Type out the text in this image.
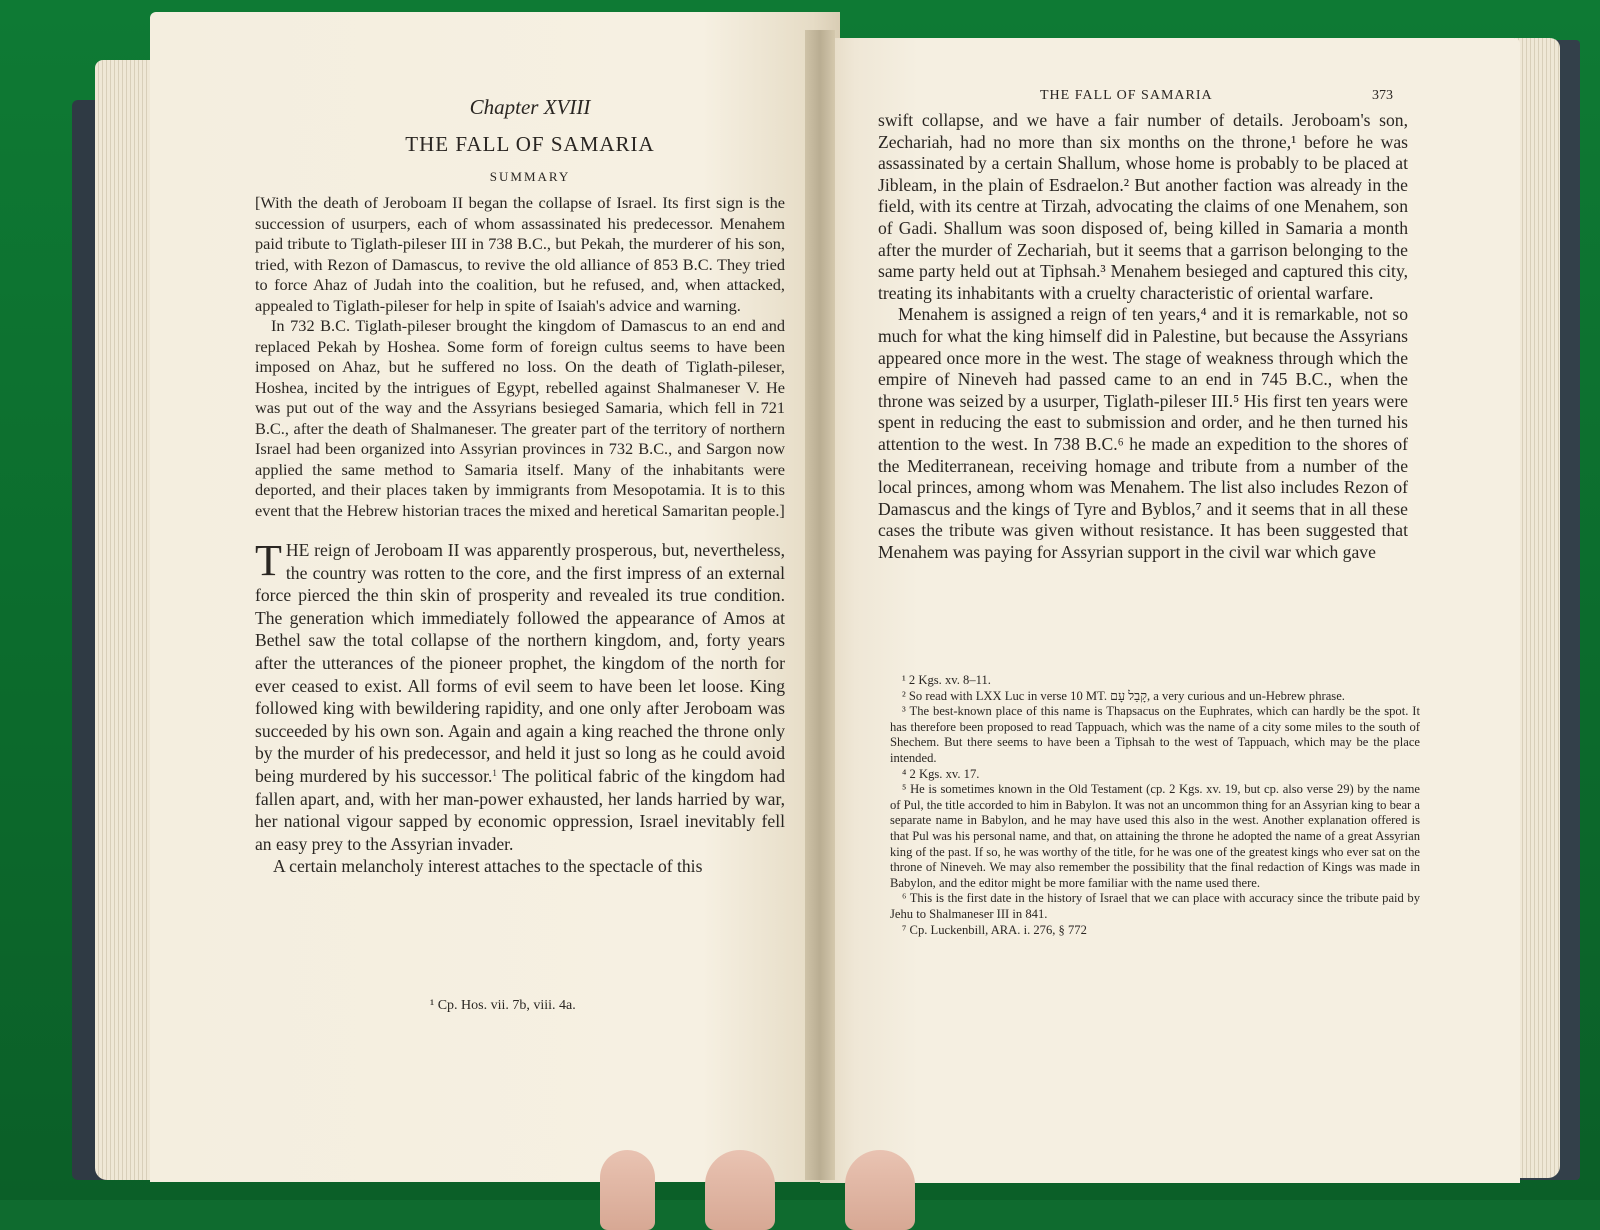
Chapter XVIII
THE FALL OF SAMARIA
SUMMARY

[With the death of Jeroboam II began the collapse of Israel. Its first sign is the succession of usurpers, each of whom assassinated his predecessor. Menahem paid tribute to Tiglath-pileser III in 738 B.C., but Pekah, the murderer of his son, tried, with Rezon of Damascus, to revive the old alliance of 853 B.C. They tried to force Ahaz of Judah into the coalition, but he refused, and, when attacked, appealed to Tiglath-pileser for help in spite of Isaiah's advice and warning.

In 732 B.C. Tiglath-pileser brought the kingdom of Damascus to an end and replaced Pekah by Hoshea. Some form of foreign cultus seems to have been imposed on Ahaz, but he suffered no loss. On the death of Tiglath-pileser, Hoshea, incited by the intrigues of Egypt, rebelled against Shalmaneser V. He was put out of the way and the Assyrians besieged Samaria, which fell in 721 B.C., after the death of Shalmaneser. The greater part of the territory of northern Israel had been organized into Assyrian provinces in 732 B.C., and Sargon now applied the same method to Samaria itself. Many of the inhabitants were deported, and their places taken by immigrants from Mesopotamia. It is to this event that the Hebrew historian traces the mixed and heretical Samaritan people.]

THE reign of Jeroboam II was apparently prosperous, but, nevertheless, the country was rotten to the core, and the first impress of an external force pierced the thin skin of prosperity and revealed its true condition. The generation which immediately followed the appearance of Amos at Bethel saw the total collapse of the northern kingdom, and, forty years after the utterances of the pioneer prophet, the kingdom of the north for ever ceased to exist. All forms of evil seem to have been let loose. King followed king with bewildering rapidity, and one only after Jeroboam was succeeded by his own son. Again and again a king reached the throne only by the murder of his predecessor, and held it just so long as he could avoid being murdered by his successor.$^1$ The political fabric of the kingdom had fallen apart, and, with her man-power exhausted, her lands harried by war, her national vigour sapped by economic oppression, Israel inevitably fell an easy prey to the Assyrian invader.

A certain melancholy interest attaches to the spectacle of this

¹ Cp. Hos. vii. 7b, viii. 4a.
THE FALL OF SAMARIA	373

swift collapse, and we have a fair number of details. Jeroboam's son, Zechariah, had no more than six months on the throne,¹ before he was assassinated by a certain Shallum, whose home is probably to be placed at Jibleam, in the plain of Esdraelon.² But another faction was already in the field, with its centre at Tirzah, advocating the claims of one Menahem, son of Gadi. Shallum was soon disposed of, being killed in Samaria a month after the murder of Zechariah, but it seems that a garrison belonging to the same party held out at Tiphsah.³ Menahem besieged and captured this city, treating its inhabitants with a cruelty characteristic of oriental warfare.

Menahem is assigned a reign of ten years,⁴ and it is remarkable, not so much for what the king himself did in Palestine, but because the Assyrians appeared once more in the west. The stage of weakness through which the empire of Nineveh had passed came to an end in 745 B.C., when the throne was seized by a usurper, Tiglath-pileser III.⁵ His first ten years were spent in reducing the east to submission and order, and he then turned his attention to the west. In 738 B.C.⁶ he made an expedition to the shores of the Mediterranean, receiving homage and tribute from a number of the local princes, among whom was Menahem. The list also includes Rezon of Damascus and the kings of Tyre and Byblos,⁷ and it seems that in all these cases the tribute was given without resistance. It has been suggested that Menahem was paying for Assyrian support in the civil war which gave

¹ 2 Kgs. xv. 8–11.

² So read with LXX Luc in verse 10 MT. קָבַל עָם, a very curious and un-Hebrew phrase.

³ The best-known place of this name is Thapsacus on the Euphrates, which can hardly be the spot. It has therefore been proposed to read Tappuach, which was the name of a city some miles to the south of Shechem. But there seems to have been a Tiphsah to the west of Tappuach, which may be the place intended.

⁴ 2 Kgs. xv. 17.

⁵ He is sometimes known in the Old Testament (cp. 2 Kgs. xv. 19, but cp. also verse 29) by the name of Pul, the title accorded to him in Babylon. It was not an uncommon thing for an Assyrian king to bear a separate name in Babylon, and he may have used this also in the west. Another explanation offered is that Pul was his personal name, and that, on attaining the throne he adopted the name of a great Assyrian king of the past. If so, he was worthy of the title, for he was one of the greatest kings who ever sat on the throne of Nineveh. We may also remember the possibility that the final redaction of Kings was made in Babylon, and the editor might be more familiar with the name used there.

⁶ This is the first date in the history of Israel that we can place with accuracy since the tribute paid by Jehu to Shalmaneser III in 841.

⁷ Cp. Luckenbill, ARA. i. 276, § 772
